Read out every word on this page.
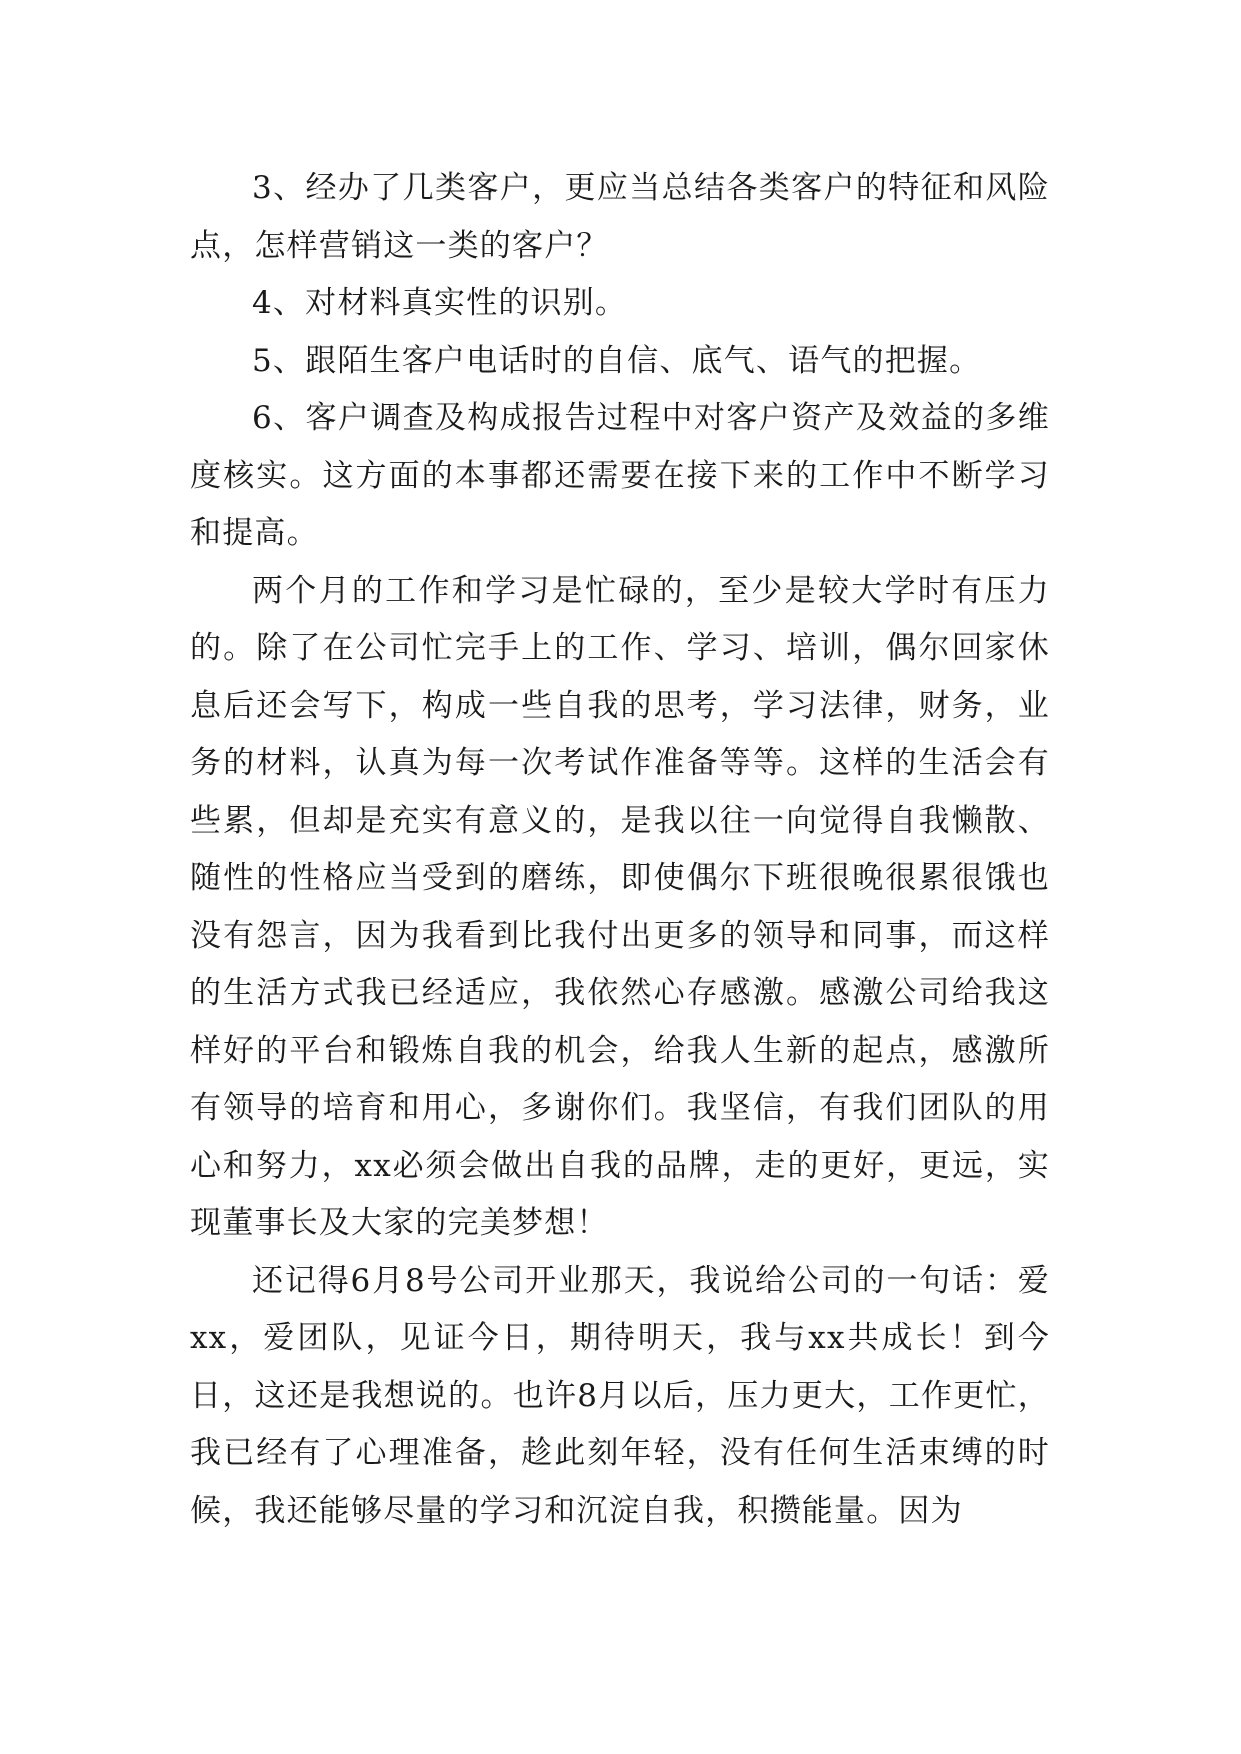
3、经办了几类客户，更应当总结各类客户的特征和风险点，怎样营销这一类的客户？

4、对材料真实性的识别。

5、跟陌生客户电话时的自信、底气、语气的把握。

6、客户调查及构成报告过程中对客户资产及效益的多维度核实。这方面的本事都还需要在接下来的工作中不断学习和提高。

两个月的工作和学习是忙碌的，至少是较大学时有压力的。除了在公司忙完手上的工作、学习、培训，偶尔回家休息后还会写下，构成一些自我的思考，学习法律，财务，业务的材料，认真为每一次考试作准备等等。这样的生活会有些累，但却是充实有意义的，是我以往一向觉得自我懒散、随性的性格应当受到的磨练，即使偶尔下班很晚很累很饿也没有怨言，因为我看到比我付出更多的领导和同事，而这样的生活方式我已经适应，我依然心存感激。感激公司给我这样好的平台和锻炼自我的机会，给我人生新的起点，感激所有领导的培育和用心，多谢你们。我坚信，有我们团队的用心和努力，xx必须会做出自我的品牌，走的更好，更远，实现董事长及大家的完美梦想！

还记得6月8号公司开业那天，我说给公司的一句话：爱xx，爱团队，见证今日，期待明天，我与xx共成长！到今日，这还是我想说的。也许8月以后，压力更大，工作更忙，我已经有了心理准备，趁此刻年轻，没有任何生活束缚的时候，我还能够尽量的学习和沉淀自我，积攒能量。因为
